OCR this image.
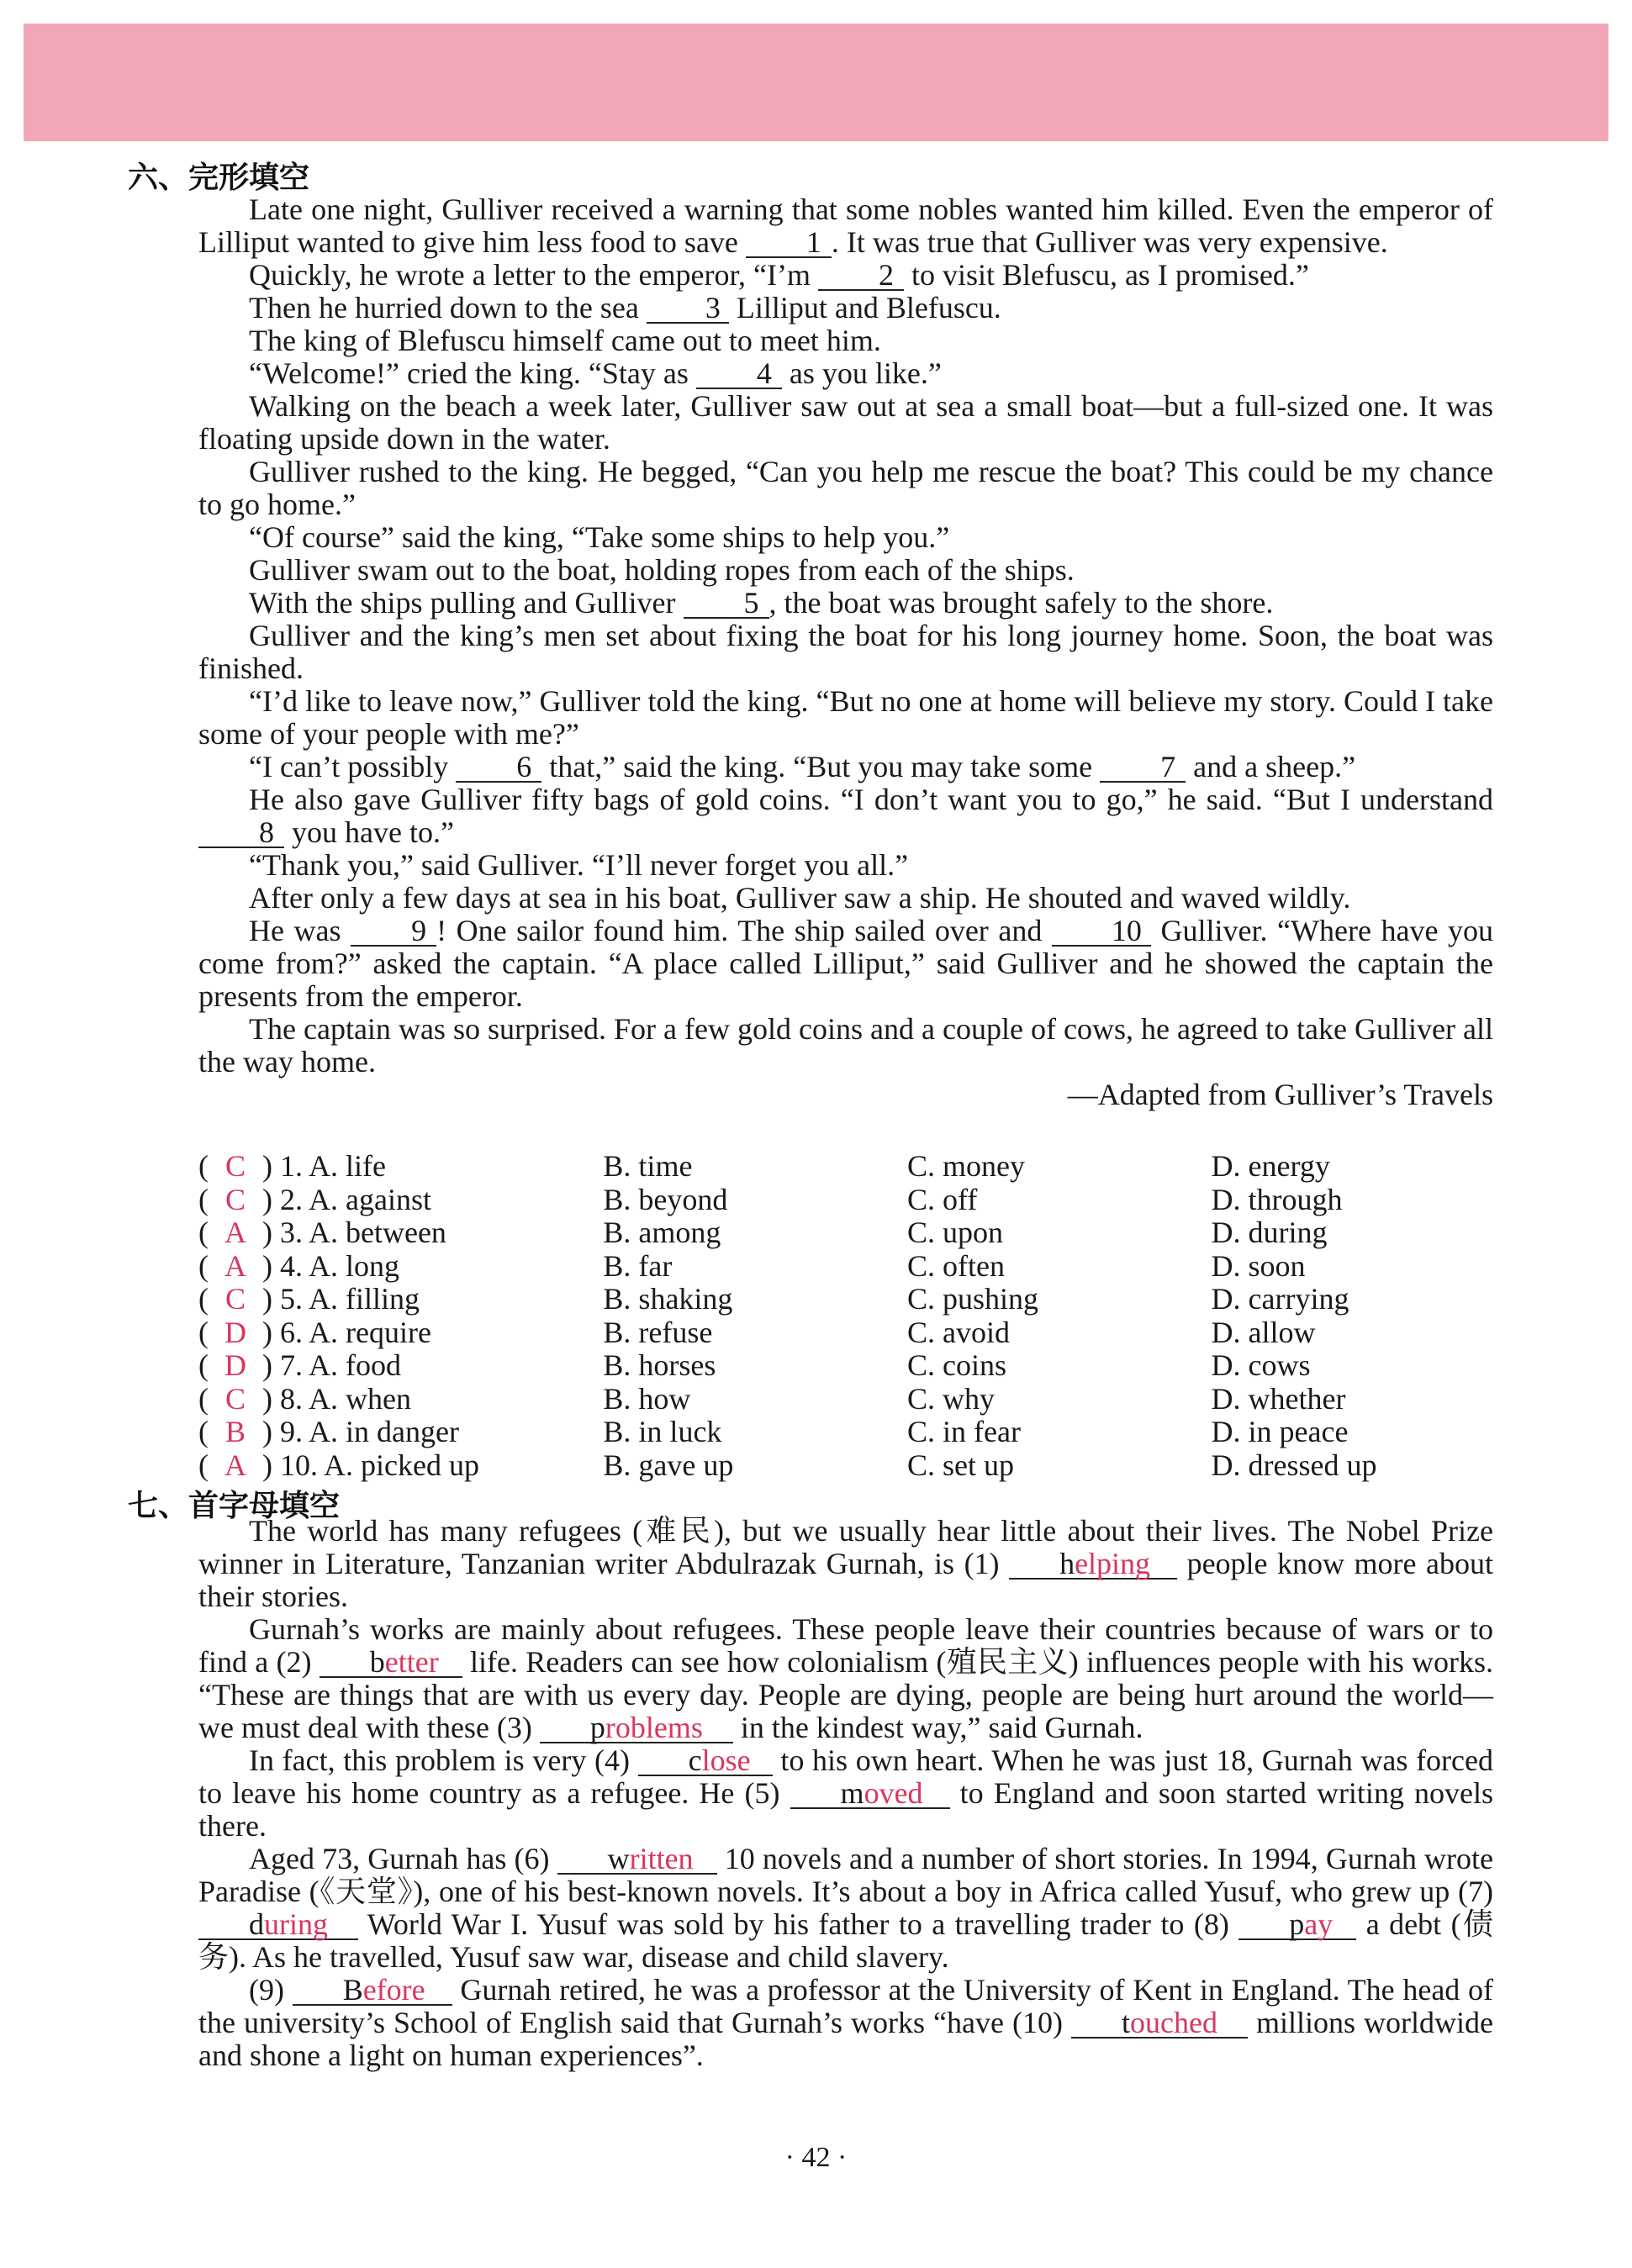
六、完形填空

Late one night, Gulliver received a warning that some nobles wanted him killed. Even the emperor of Lilliput wanted to give him less food to save 1 . It was true that Gulliver was very expensive.

Quickly, he wrote a letter to the emperor, “I’m 2 to visit Blefuscu, as I promised.”

Then he hurried down to the sea 3 Lilliput and Blefuscu.

The king of Blefuscu himself came out to meet him.

“Welcome!” cried the king. “Stay as 4 as you like.”

Walking on the beach a week later, Gulliver saw out at sea a small boat—but a full-sized one. It was floating upside down in the water.

Gulliver rushed to the king. He begged, “Can you help me rescue the boat? This could be my chance to go home.”

“Of course” said the king, “Take some ships to help you.”

Gulliver swam out to the boat, holding ropes from each of the ships.

With the ships pulling and Gulliver 5 , the boat was brought safely to the shore.

Gulliver and the king’s men set about fixing the boat for his long journey home. Soon, the boat was finished.

“I’d like to leave now,” Gulliver told the king. “But no one at home will believe my story. Could I take some of your people with me?”

“I can’t possibly 6 that,” said the king. “But you may take some 7 and a sheep.”

He also gave Gulliver fifty bags of gold coins. “I don’t want you to go,” he said. “But I understand 8 you have to.”

“Thank you,” said Gulliver. “I’ll never forget you all.”

After only a few days at sea in his boat, Gulliver saw a ship. He shouted and waved wildly.

He was 9 ! One sailor found him. The ship sailed over and 10 Gulliver. “Where have you come from?” asked the captain. “A place called Lilliput,” said Gulliver and he showed the captain the presents from the emperor.

The captain was so surprised. For a few gold coins and a couple of cows, he agreed to take Gulliver all the way home.

—Adapted from Gulliver’s Travels

( C ) 1. A. life	B. time	C. money	D. energy
( C ) 2. A. against	B. beyond	C. off	D. through
( A ) 3. A. between	B. among	C. upon	D. during
( A ) 4. A. long	B. far	C. often	D. soon
( C ) 5. A. filling	B. shaking	C. pushing	D. carrying
( D ) 6. A. require	B. refuse	C. avoid	D. allow
( D ) 7. A. food	B. horses	C. coins	D. cows
( C ) 8. A. when	B. how	C. why	D. whether
( B ) 9. A. in danger	B. in luck	C. in fear	D. in peace
( A ) 10. A. picked up	B. gave up	C. set up	D. dressed up
七、首字母填空

The world has many refugees (难民), but we usually hear little about their lives. The Nobel Prize winner in Literature, Tanzanian writer Abdulrazak Gurnah, is (1) helping people know more about their stories.

Gurnah’s works are mainly about refugees. These people leave their countries because of wars or to find a (2) better life. Readers can see how colonialism (殖民主义) influences people with his works. “These are things that are with us every day. People are dying, people are being hurt around the world—we must deal with these (3) problems in the kindest way,” said Gurnah.

In fact, this problem is very (4) close to his own heart. When he was just 18, Gurnah was forced to leave his home country as a refugee. He (5) moved to England and soon started writing novels there.

Aged 73, Gurnah has (6) written 10 novels and a number of short stories. In 1994, Gurnah wrote Paradise (《天堂》), one of his best-known novels. It’s about a boy in Africa called Yusuf, who grew up (7) during World War I. Yusuf was sold by his father to a travelling trader to (8) pay a debt (债务). As he travelled, Yusuf saw war, disease and child slavery.

(9) Before Gurnah retired, he was a professor at the University of Kent in England. The head of the university’s School of English said that Gurnah’s works “have (10) touched millions worldwide and shone a light on human experiences”.

· 42 ·
